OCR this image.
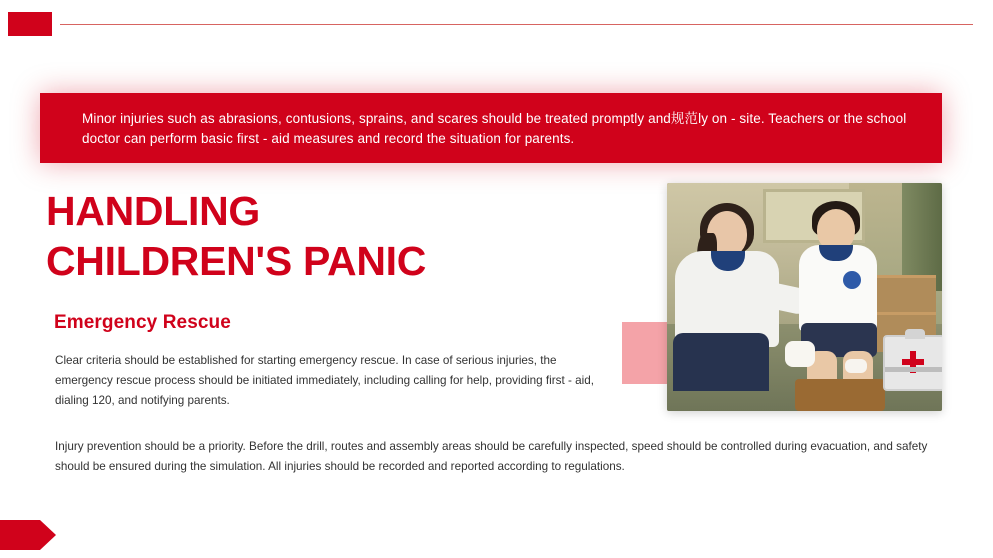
Minor injuries such as abrasions, contusions, sprains, and scares should be treated promptly and规范ly on - site. Teachers or the school doctor can perform basic first - aid measures and record the situation for parents.

HANDLING
CHILDREN'S PANIC
Emergency Rescue
Clear criteria should be established for starting emergency rescue. In case of serious injuries, the emergency rescue process should be initiated immediately, including calling for help, providing first - aid, dialing 120, and notifying parents.
Injury prevention should be a priority. Before the drill, routes and assembly areas should be carefully inspected, speed should be controlled during evacuation, and safety should be ensured during the simulation. All injuries should be recorded and reported according to regulations.
